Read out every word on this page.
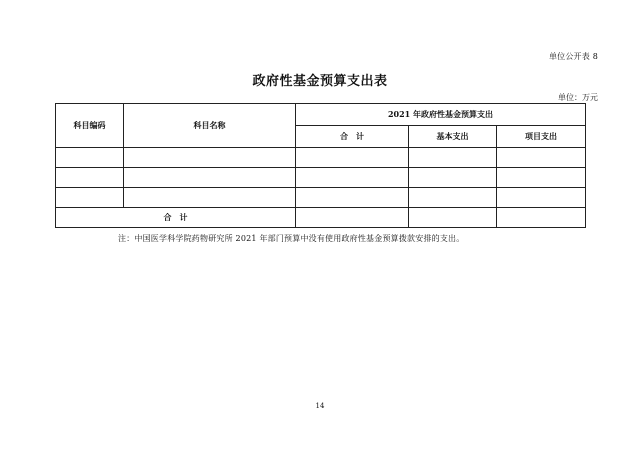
单位公开表 8
政府性基金预算支出表
单位：万元
科目编码	科目名称	2021 年政府性基金预算支出		
		合　计	基本支出	项目支出

合　计				
注：中国医学科学院药物研究所 2021 年部门预算中没有使用政府性基金预算拨款安排的支出。
14
